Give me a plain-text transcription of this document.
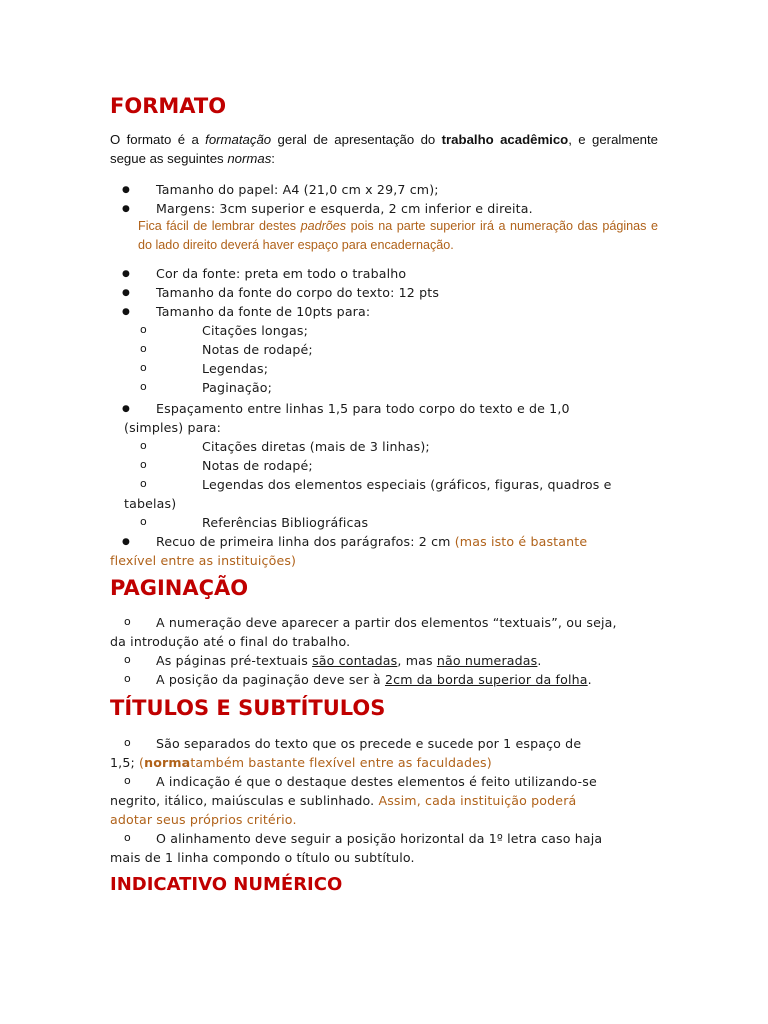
FORMATO
O formato é a formatação geral de apresentação do trabalho acadêmico, e geralmente segue as seguintes normas:
● Tamanho do papel: A4 (21,0 cm x 29,7 cm);
● Margens: 3cm superior e esquerda, 2 cm inferior e direita.
Fica fácil de lembrar destes padrões pois na parte superior irá a numeração das páginas e do lado direito deverá haver espaço para encadernação.
● Cor da fonte: preta em todo o trabalho
● Tamanho da fonte do corpo do texto: 12 pts
● Tamanho da fonte de 10pts para:
o	Citações longas;
o	Notas de rodapé;
o	Legendas;
o	Paginação;
● Espaçamento entre linhas 1,5 para todo corpo do texto e de 1,0
(simples) para:
o	Citações diretas (mais de 3 linhas);
o	Notas de rodapé;
o	Legendas dos elementos especiais (gráficos, figuras, quadros e
tabelas)
o	Referências Bibliográficas
● Recuo de primeira linha dos parágrafos: 2 cm (mas isto é bastante
flexível entre as instituições)
PAGINAÇÃO
o A numeração deve aparecer a partir dos elementos “textuais”, ou seja,
da introdução até o final do trabalho.
o As páginas pré-textuais são contadas, mas não numeradas.
o A posição da paginação deve ser à 2cm da borda superior da folha.
TÍTULOS E SUBTÍTULOS
o São separados do texto que os precede e sucede por 1 espaço de
1,5; (normatambém bastante flexível entre as faculdades)
o A indicação é que o destaque destes elementos é feito utilizando-se
negrito, itálico, maiúsculas e sublinhado. Assim, cada instituição poderá
adotar seus próprios critério.
o O alinhamento deve seguir a posição horizontal da 1º letra caso haja
mais de 1 linha compondo o título ou subtítulo.
INDICATIVO NUMÉRICO
